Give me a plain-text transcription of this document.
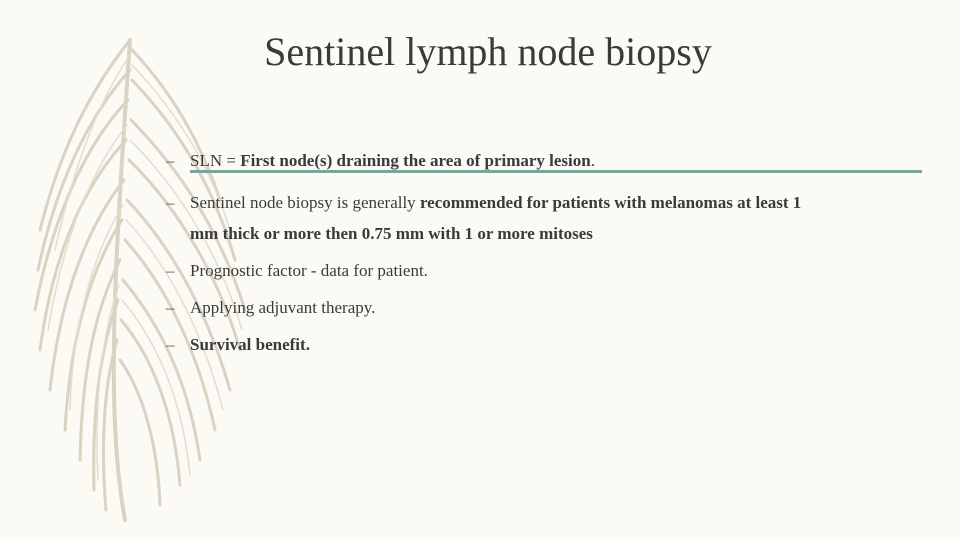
Sentinel lymph node biopsy
– SLN = First node(s) draining the area of primary lesion.
– Sentinel node biopsy is generally recommended for patients with melanomas at least 1 mm thick or more then 0.75 mm with 1 or more mitoses
– Prognostic factor - data for patient.
– Applying adjuvant therapy.
– Survival benefit.
